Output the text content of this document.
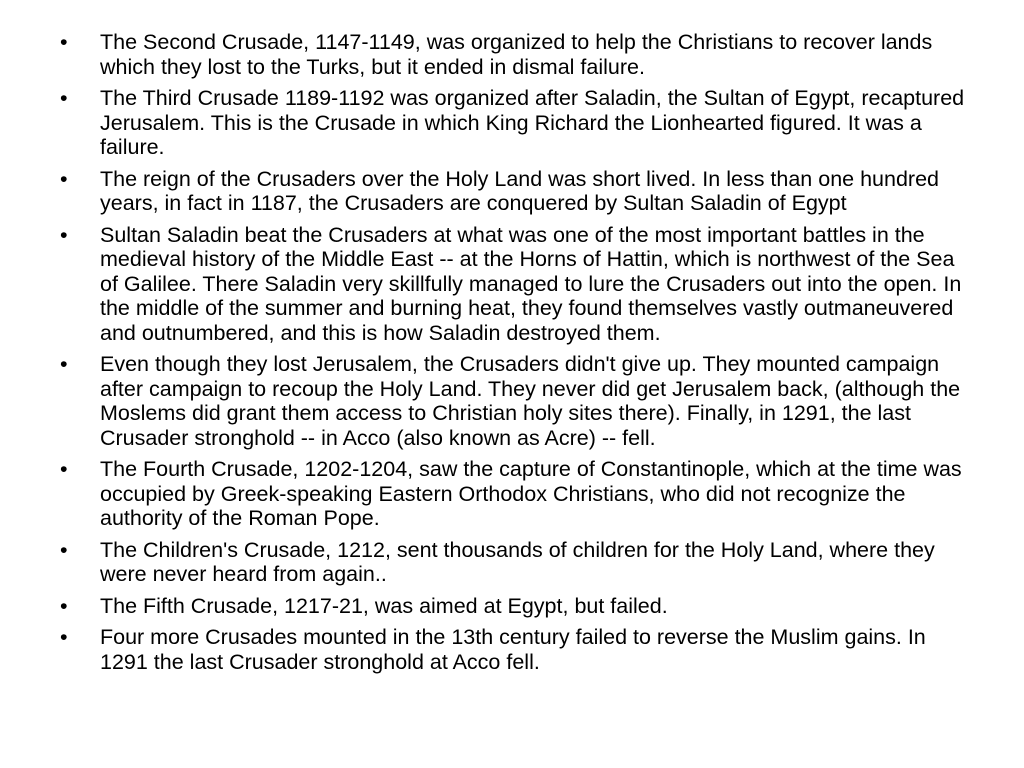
•	The Second Crusade, 1147-1149, was organized to help the Christians to recover lands which they lost to the Turks, but it ended in dismal failure.
•	The Third Crusade 1189-1192 was organized after Saladin, the Sultan of Egypt, recaptured Jerusalem. This is the Crusade in which King Richard the Lionhearted figured. It was a failure.
•	The reign of the Crusaders over the Holy Land was short lived. In less than one hundred years, in fact in 1187, the Crusaders are conquered by Sultan Saladin of Egypt
•	Sultan Saladin beat the Crusaders at what was one of the most important battles in the medieval history of the Middle East -- at the Horns of Hattin, which is northwest of the Sea of Galilee. There Saladin very skillfully managed to lure the Crusaders out into the open. In the middle of the summer and burning heat, they found themselves vastly outmaneuvered and outnumbered, and this is how Saladin destroyed them.
•	Even though they lost Jerusalem, the Crusaders didn't give up. They mounted campaign after campaign to recoup the Holy Land. They never did get Jerusalem back, (although the Moslems did grant them access to Christian holy sites there). Finally, in 1291, the last Crusader stronghold -- in Acco (also known as Acre) -- fell.
•	The Fourth Crusade, 1202-1204, saw the capture of Constantinople, which at the time was occupied by Greek-speaking Eastern Orthodox Christians, who did not recognize the authority of the Roman Pope.
•	The Children's Crusade, 1212, sent thousands of children for the Holy Land, where they were never heard from again..
•	The Fifth Crusade, 1217-21, was aimed at Egypt, but failed.
•	Four more Crusades mounted in the 13th century failed to reverse the Muslim gains. In 1291 the last Crusader stronghold at Acco fell.
